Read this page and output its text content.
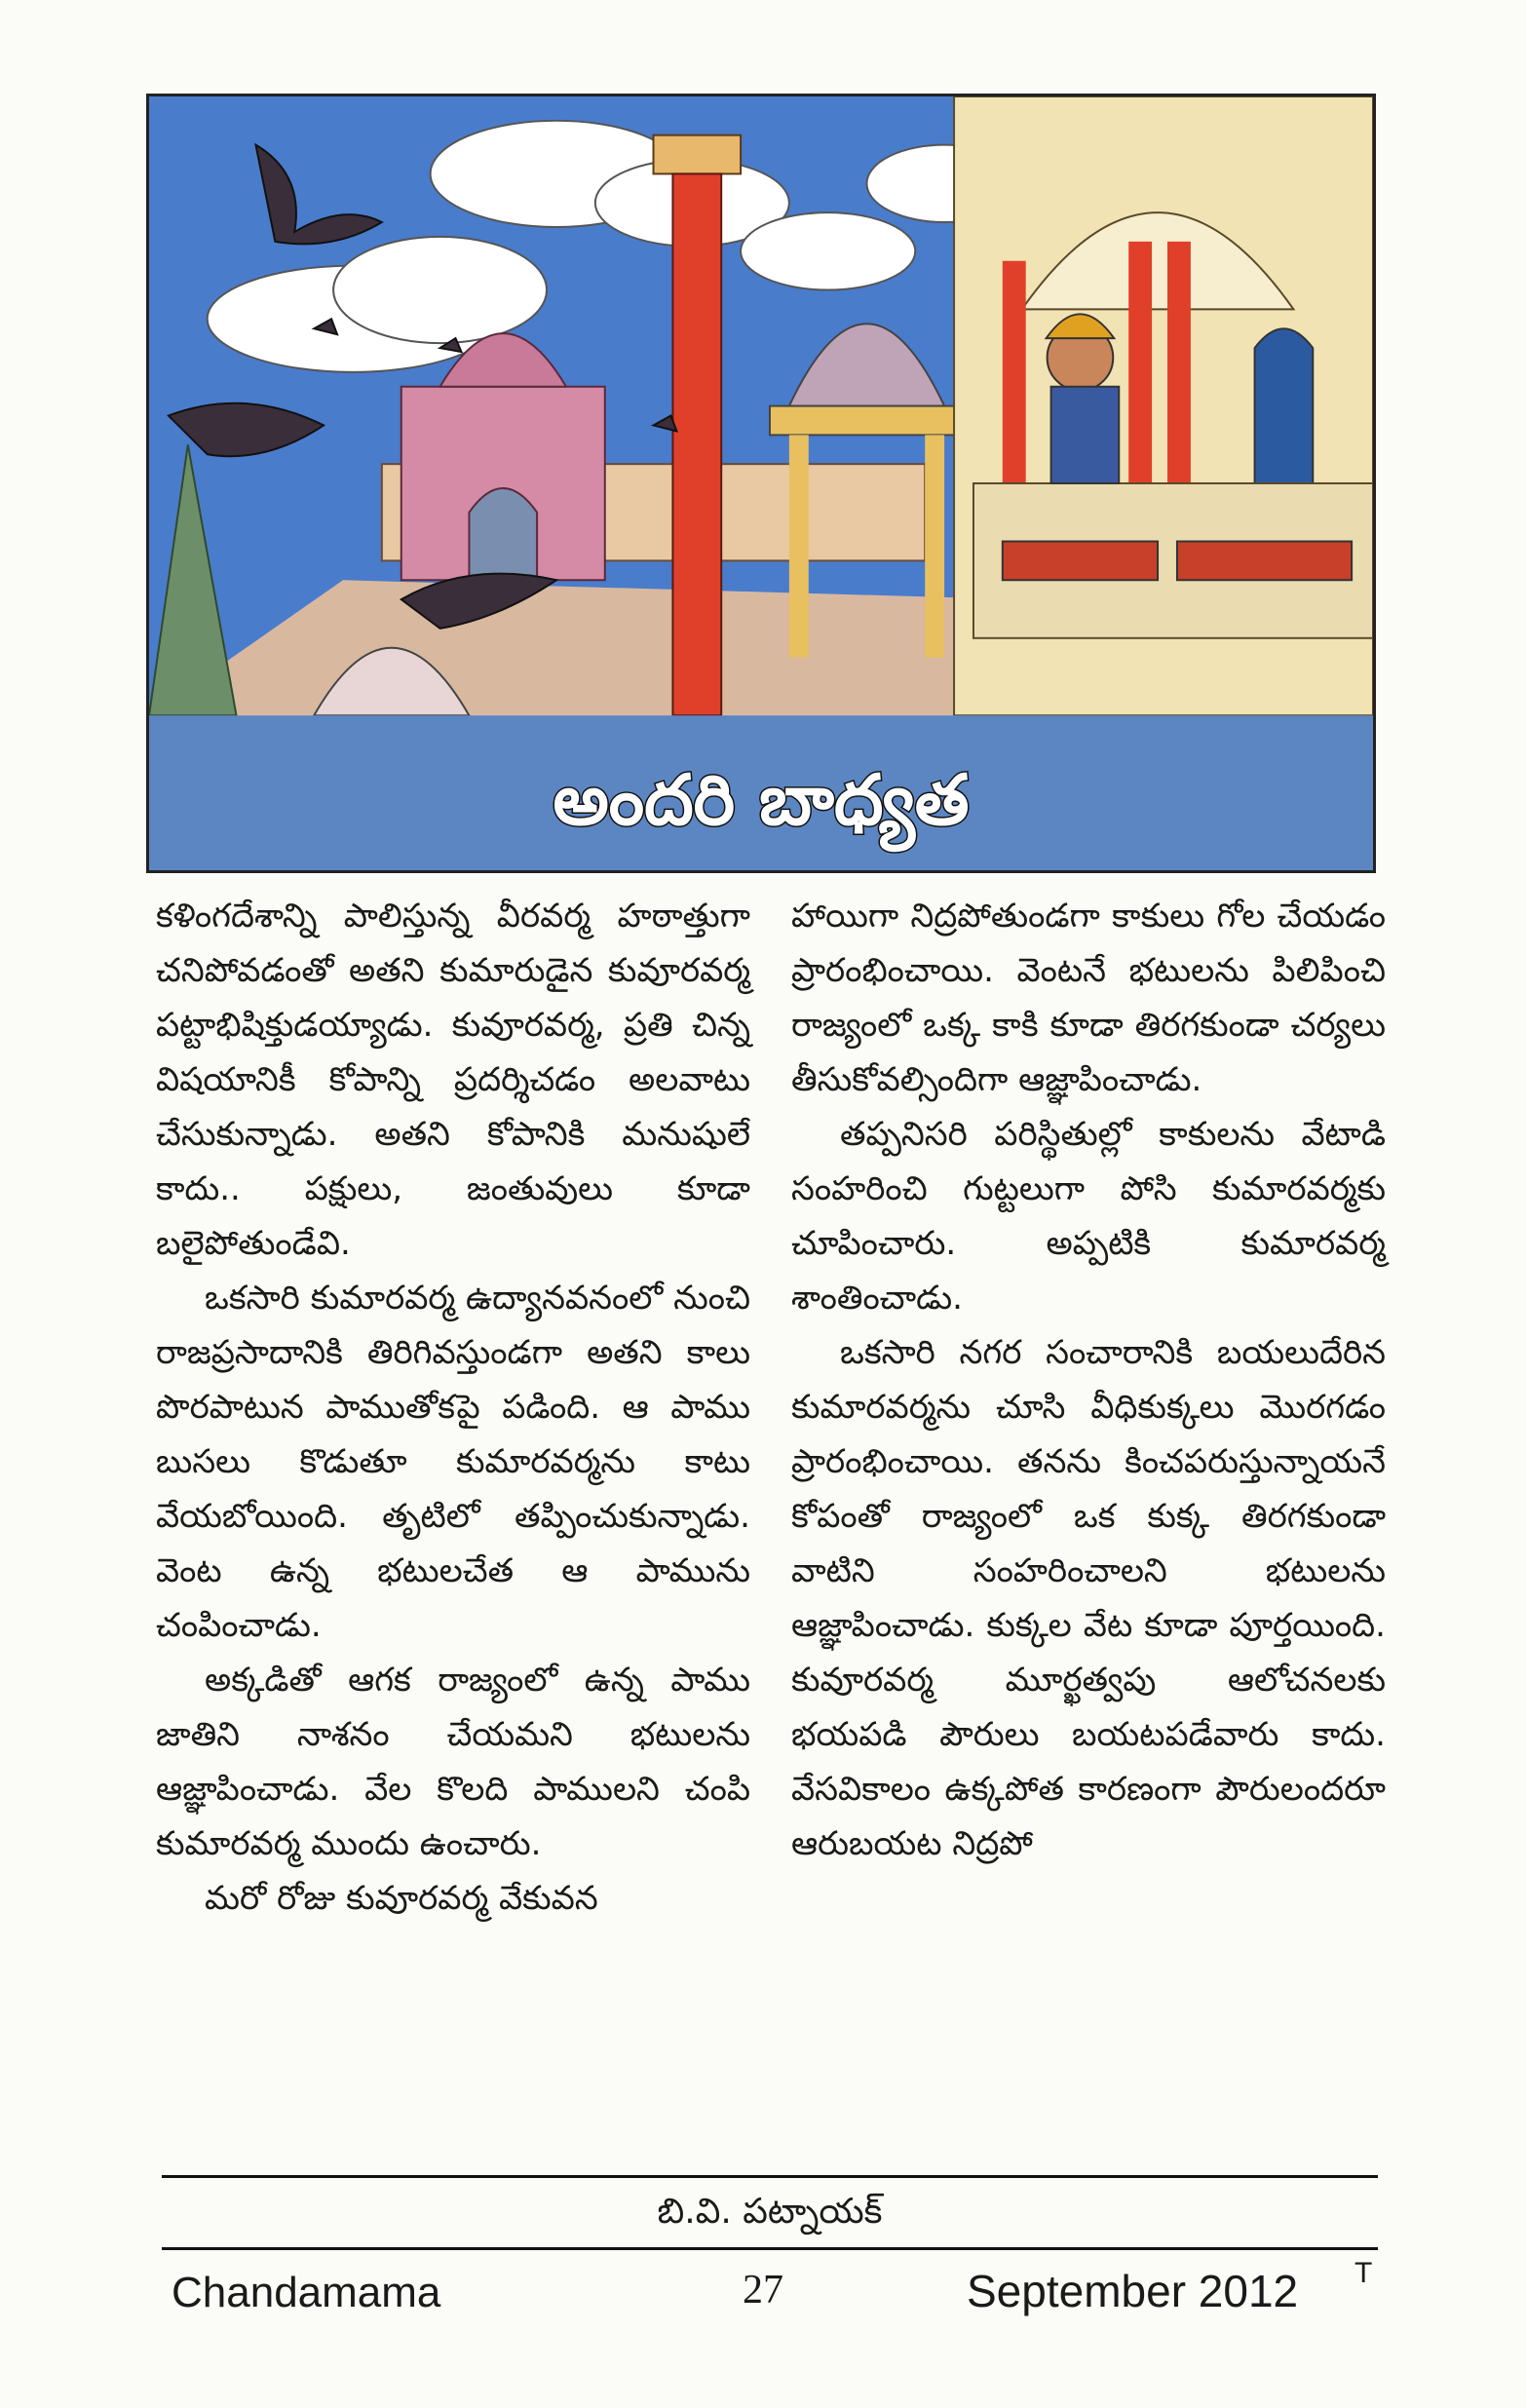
అందరి బాధ్యత

కళింగదేశాన్ని పాలిస్తున్న వీరవర్మ హఠాత్తుగా చనిపోవడంతో అతని కుమారుడైన కువూరవర్మ పట్టాభిషిక్తుడయ్యాడు. కువూరవర్మ, ప్రతి చిన్న విషయానికీ కోపాన్ని ప్రదర్శిచడం అలవాటు చేసుకున్నాడు. అతని కోపానికి మనుషులే కాదు.. పక్షులు, జంతువులు కూడా బలైపోతుండేవి.

ఒకసారి కుమారవర్మ ఉద్యానవనంలో నుంచి రాజప్రసాదానికి తిరిగివస్తుండగా అతని కాలు పొరపాటున పాముతోకపై పడింది. ఆ పాము బుసలు కొడుతూ కుమారవర్మను కాటు వేయబోయింది. తృటిలో తప్పించుకున్నాడు. వెంట ఉన్న భటులచేత ఆ పామును చంపించాడు.

అక్కడితో ఆగక రాజ్యంలో ఉన్న పాము జాతిని నాశనం చేయమని భటులను ఆజ్ఞాపించాడు. వేల కొలది పాములని చంపి కుమారవర్మ ముందు ఉంచారు.

మరో రోజు కువూరవర్మ వేకువన

హాయిగా నిద్రపోతుండగా కాకులు గోల చేయడం ప్రారంభించాయి. వెంటనే భటులను పిలిపించి రాజ్యంలో ఒక్క కాకి కూడా తిరగకుండా చర్యలు తీసుకోవల్సిందిగా ఆజ్ఞాపించాడు.

తప్పనిసరి పరిస్థితుల్లో కాకులను వేటాడి సంహరించి గుట్టలుగా పోసి కుమారవర్మకు చూపించారు. అప్పటికి కుమారవర్మ శాంతించాడు.

ఒకసారి నగర సంచారానికి బయలుదేరిన కుమారవర్మను చూసి వీధికుక్కలు మొరగడం ప్రారంభించాయి. తనను కించపరుస్తున్నాయనే కోపంతో రాజ్యంలో ఒక కుక్క తిరగకుండా వాటిని సంహరించాలని భటులను ఆజ్ఞాపించాడు. కుక్కల వేట కూడా పూర్తయింది. కువూరవర్మ మూర్ఖత్వపు ఆలోచనలకు భయపడి పౌరులు బయటపడేవారు కాదు. వేసవికాలం ఉక్కపోత కారణంగా పౌరులందరూ ఆరుబయట నిద్రపో

బి.వి. పట్నాయక్
Chandamama	27	September 2012 T
